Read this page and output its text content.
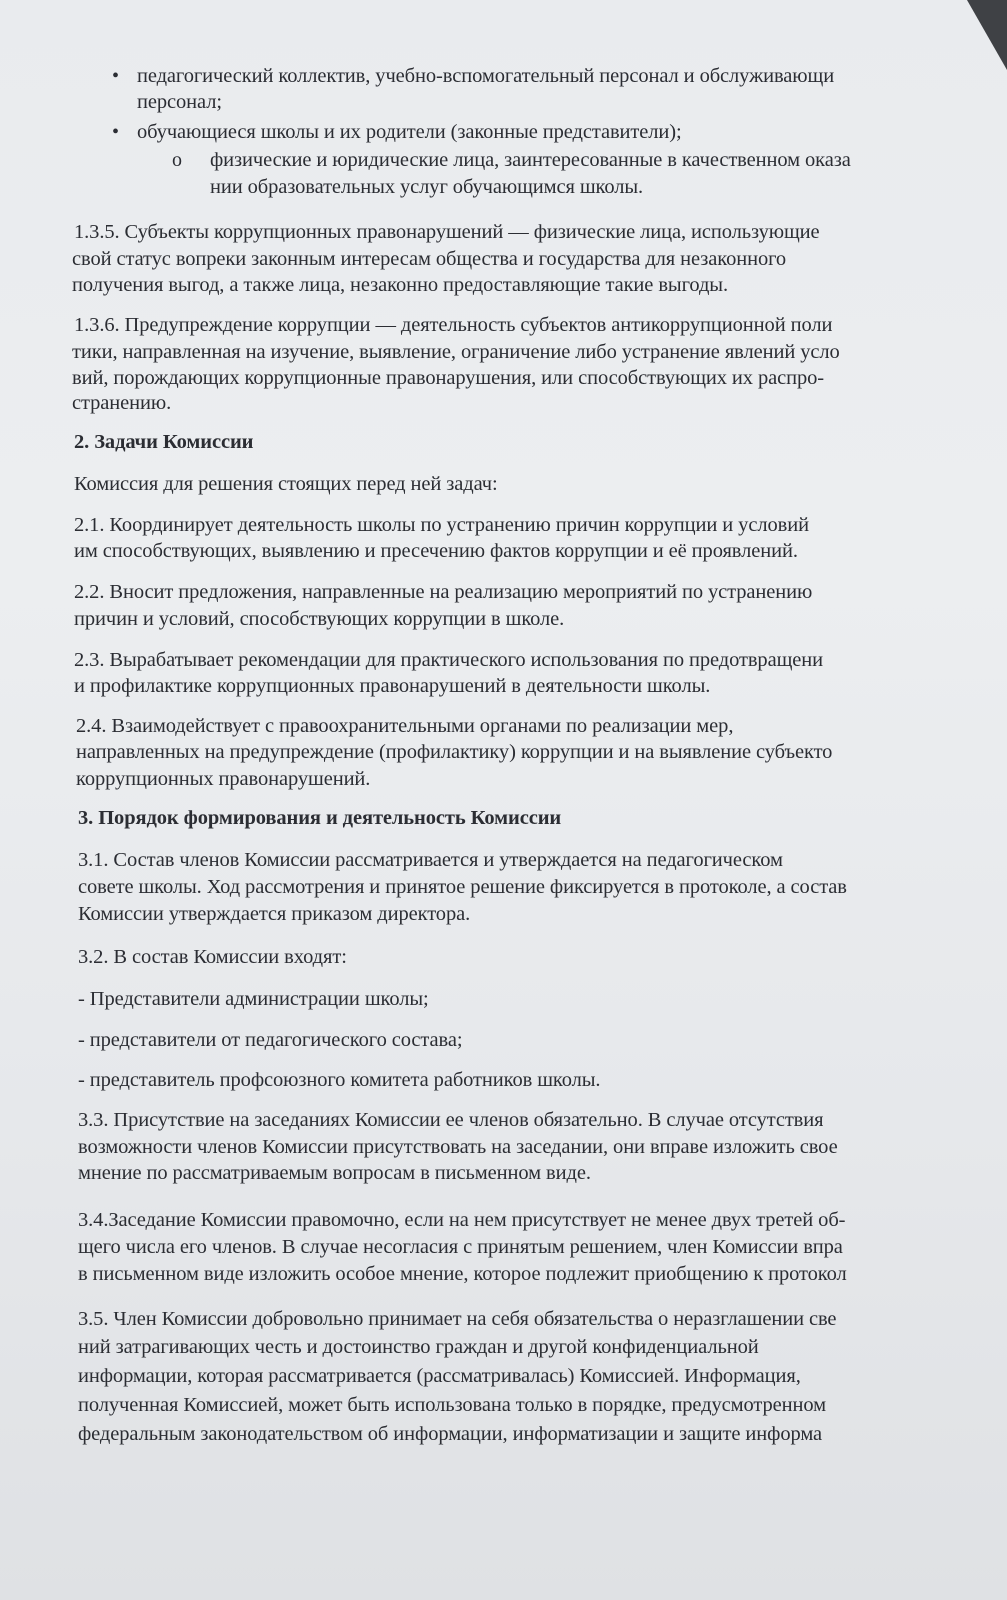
• педагогический коллектив, учебно-вспомогательный персонал и обслуживающи
персонал;
• обучающиеся школы и их родители (законные представители);
o физические и юридические лица, заинтересованные в качественном оказа
нии образовательных услуг обучающимся школы.
1.3.5. Субъекты коррупционных правонарушений — физические лица, использующие
свой статус вопреки законным интересам общества и государства для незаконного
получения выгод, а также лица, незаконно предоставляющие такие выгоды.
1.3.6. Предупреждение коррупции — деятельность субъектов антикоррупционной поли
тики, направленная на изучение, выявление, ограничение либо устранение явлений усло
вий, порождающих коррупционные правонарушения, или способствующих их распро-
странению.
2. Задачи Комиссии
Комиссия для решения стоящих перед ней задач:
2.1. Координирует деятельность школы по устранению причин коррупции и условий
им способствующих, выявлению и пресечению фактов коррупции и её проявлений.
2.2. Вносит предложения, направленные на реализацию мероприятий по устранению
причин и условий, способствующих коррупции в школе.
2.3. Вырабатывает рекомендации для практического использования по предотвращени
и профилактике коррупционных правонарушений в деятельности школы.
2.4. Взаимодействует с правоохранительными органами по реализации мер,
направленных на предупреждение (профилактику) коррупции и на выявление субъекто
коррупционных правонарушений.
3. Порядок формирования и деятельность Комиссии
3.1. Состав членов Комиссии рассматривается и утверждается на педагогическом
совете школы. Ход рассмотрения и принятое решение фиксируется в протоколе, а состав
Комиссии утверждается приказом директора.
3.2. В состав Комиссии входят:
- Представители администрации школы;
- представители от педагогического состава;
- представитель профсоюзного комитета работников школы.
3.3. Присутствие на заседаниях Комиссии ее членов обязательно. В случае отсутствия
возможности членов Комиссии присутствовать на заседании, они вправе изложить свое
мнение по рассматриваемым вопросам в письменном виде.
3.4.Заседание Комиссии правомочно, если на нем присутствует не менее двух третей об-
щего числа его членов. В случае несогласия с принятым решением, член Комиссии впра
в письменном виде изложить особое мнение, которое подлежит приобщению к протокол
3.5. Член Комиссии добровольно принимает на себя обязательства о неразглашении све
ний затрагивающих честь и достоинство граждан и другой конфиденциальной
информации, которая рассматривается (рассматривалась) Комиссией. Информация,
полученная Комиссией, может быть использована только в порядке, предусмотренном
федеральным законодательством об информации, информатизации и защите информа
